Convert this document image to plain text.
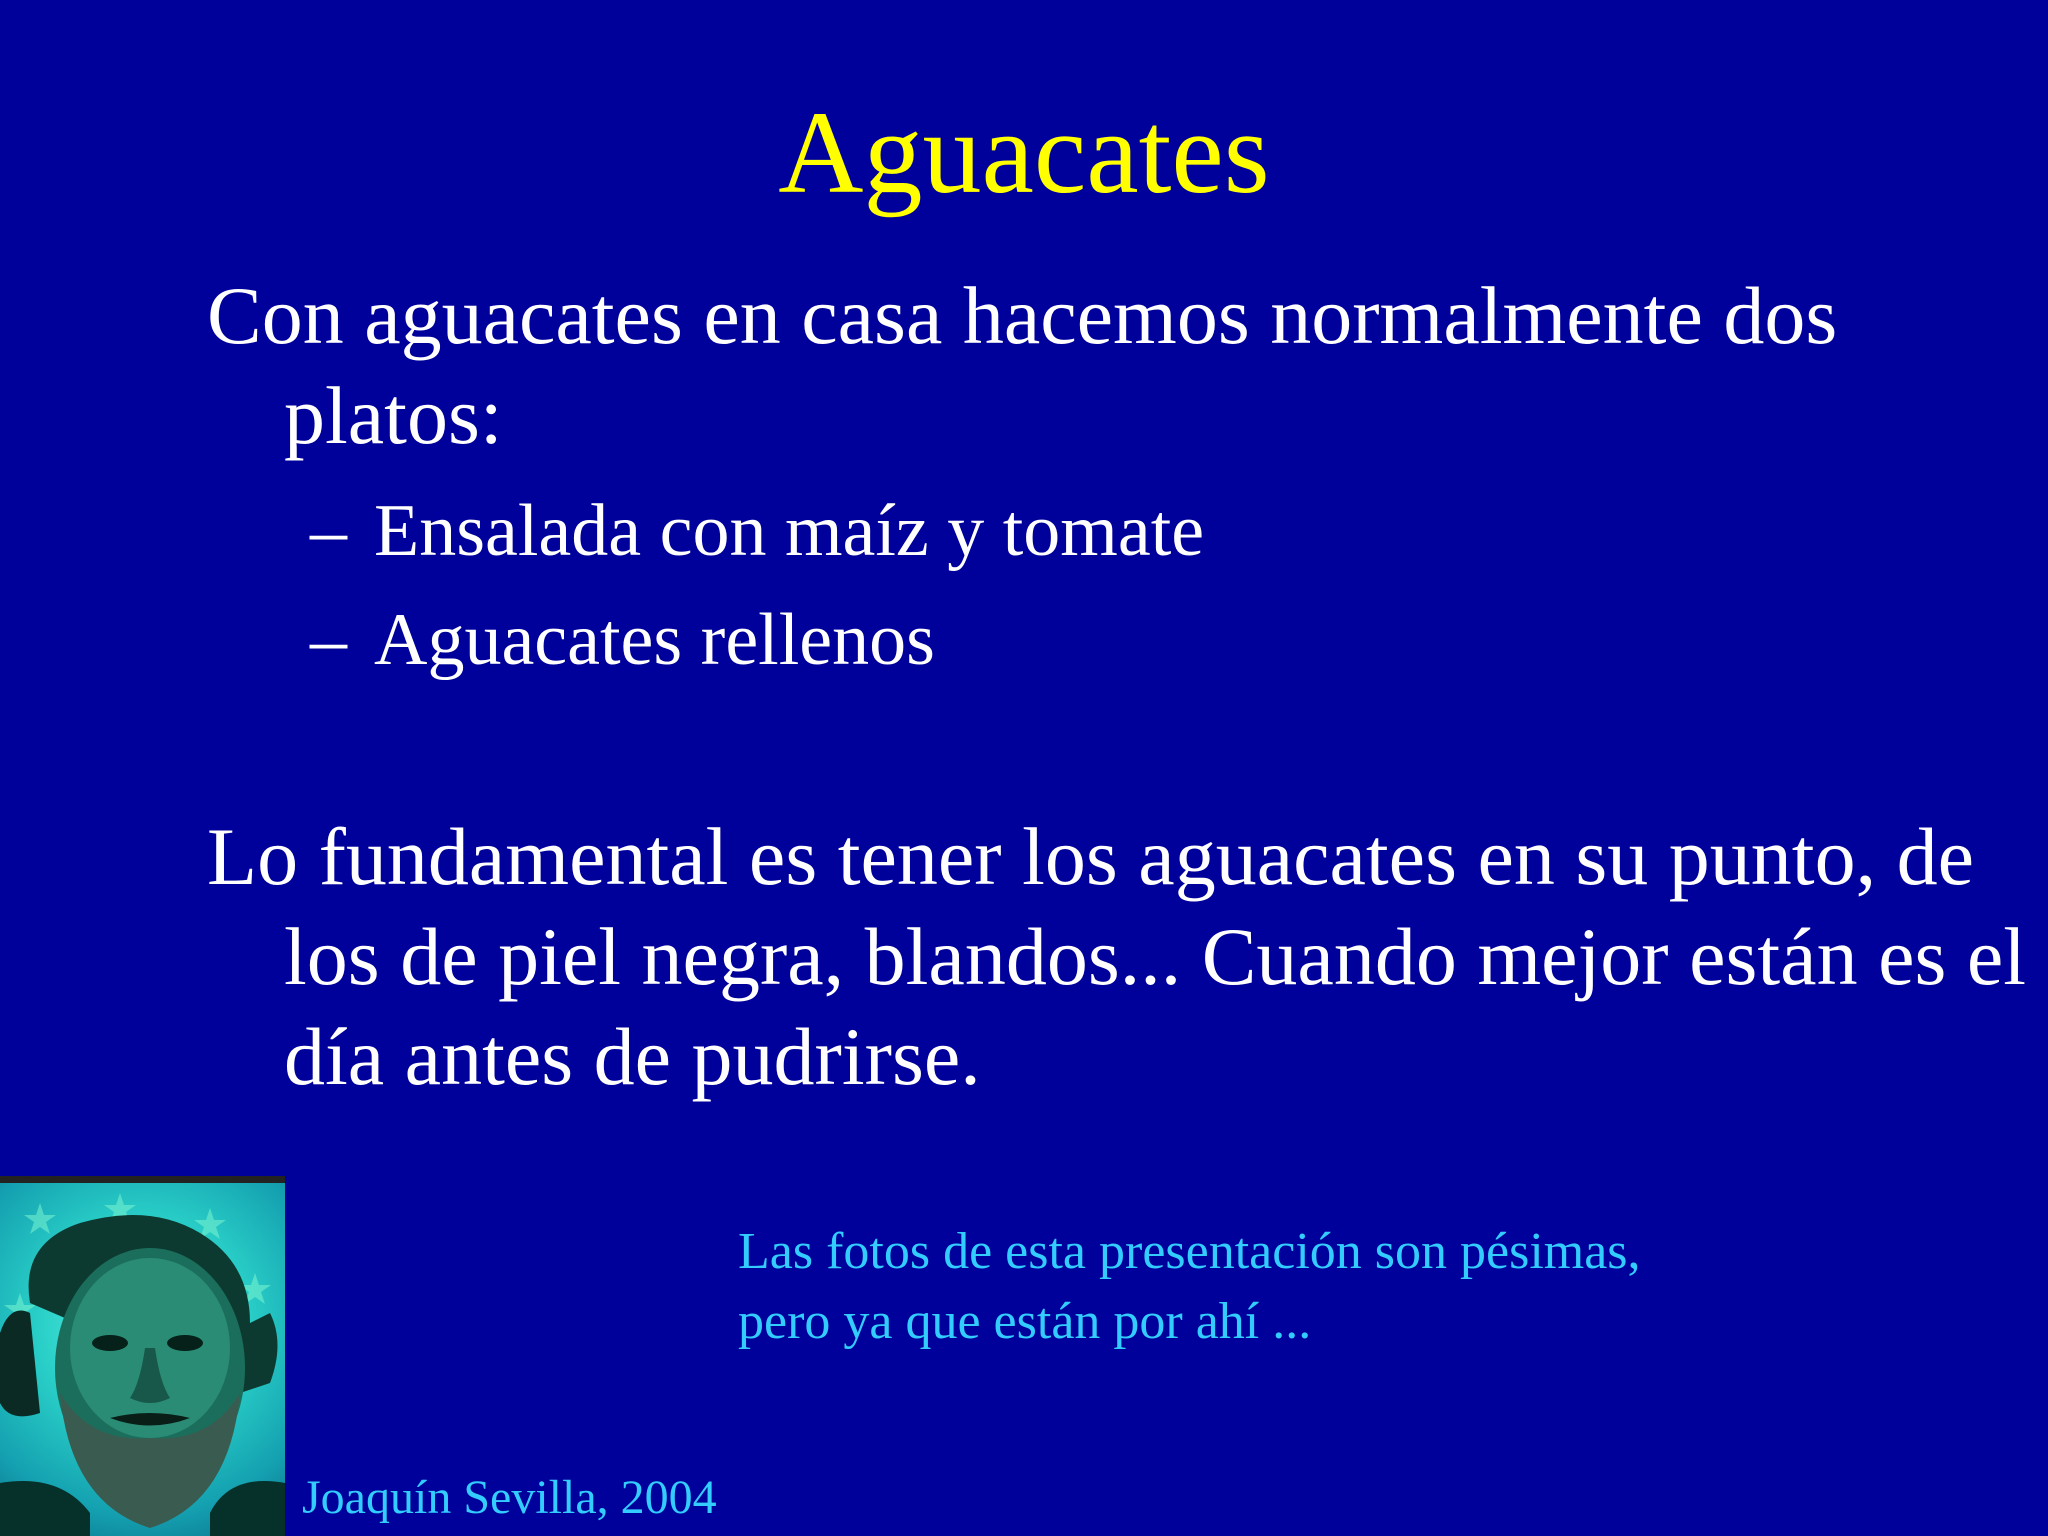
Aguacates

Con aguacates en casa hacemos normalmente dos platos:

– Ensalada con maíz y tomate

– Aguacates rellenos

Lo fundamental es tener los aguacates en su punto, de los de piel negra, blandos... Cuando mejor están es el día antes de pudrirse.

Las fotos de esta presentación son pésimas,
pero ya que están por ahí ...

Joaquín Sevilla, 2004
